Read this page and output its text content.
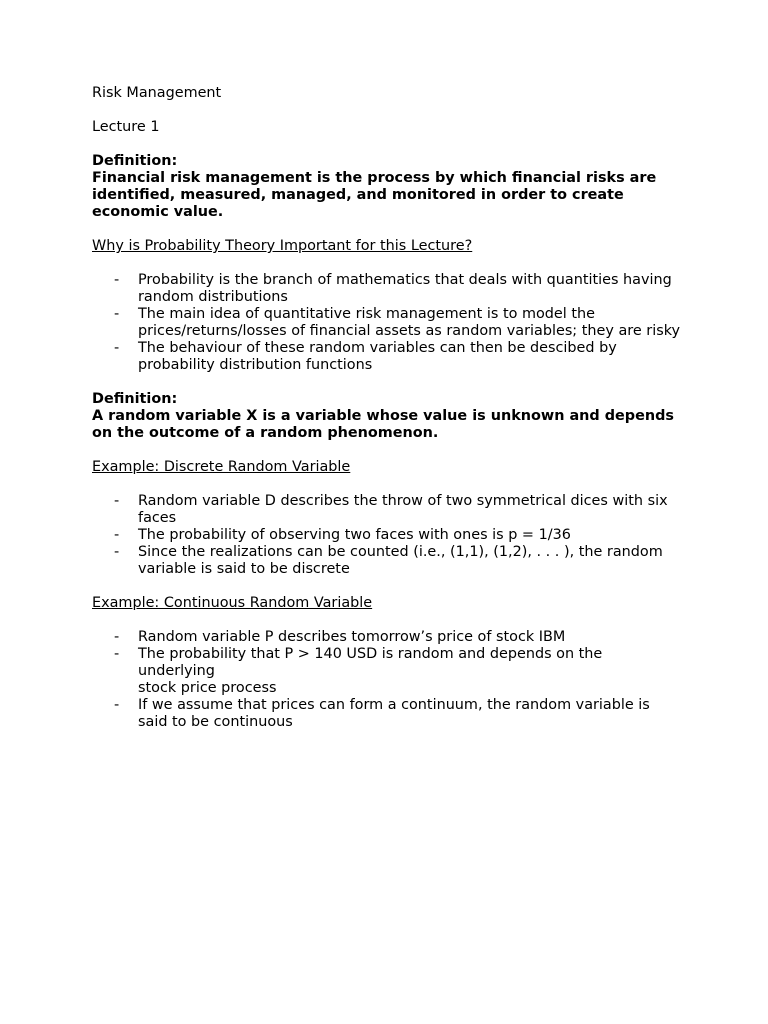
Risk Management

Lecture 1

Definition:

Financial risk management is the process by which financial risks are identified, measured, managed, and monitored in order to create economic value.

Why is Probability Theory Important for this Lecture?

- Probability is the branch of mathematics that deals with quantities having random distributions
- The main idea of quantitative risk management is to model the prices/returns/losses of financial assets as random variables; they are risky
- The behaviour of these random variables can then be descibed by probability distribution functions

Definition:

A random variable X is a variable whose value is unknown and depends on the outcome of a random phenomenon.

Example: Discrete Random Variable

- Random variable D describes the throw of two symmetrical dices with six faces
- The probability of observing two faces with ones is p = 1/36
- Since the realizations can be counted (i.e., (1,1), (1,2), . . . ), the random variable is said to be discrete

Example: Continuous Random Variable

- Random variable P describes tomorrow’s price of stock IBM
- The probability that P > 140 USD is random and depends on the underlying
stock price process
- If we assume that prices can form a continuum, the random variable is said to be continuous
